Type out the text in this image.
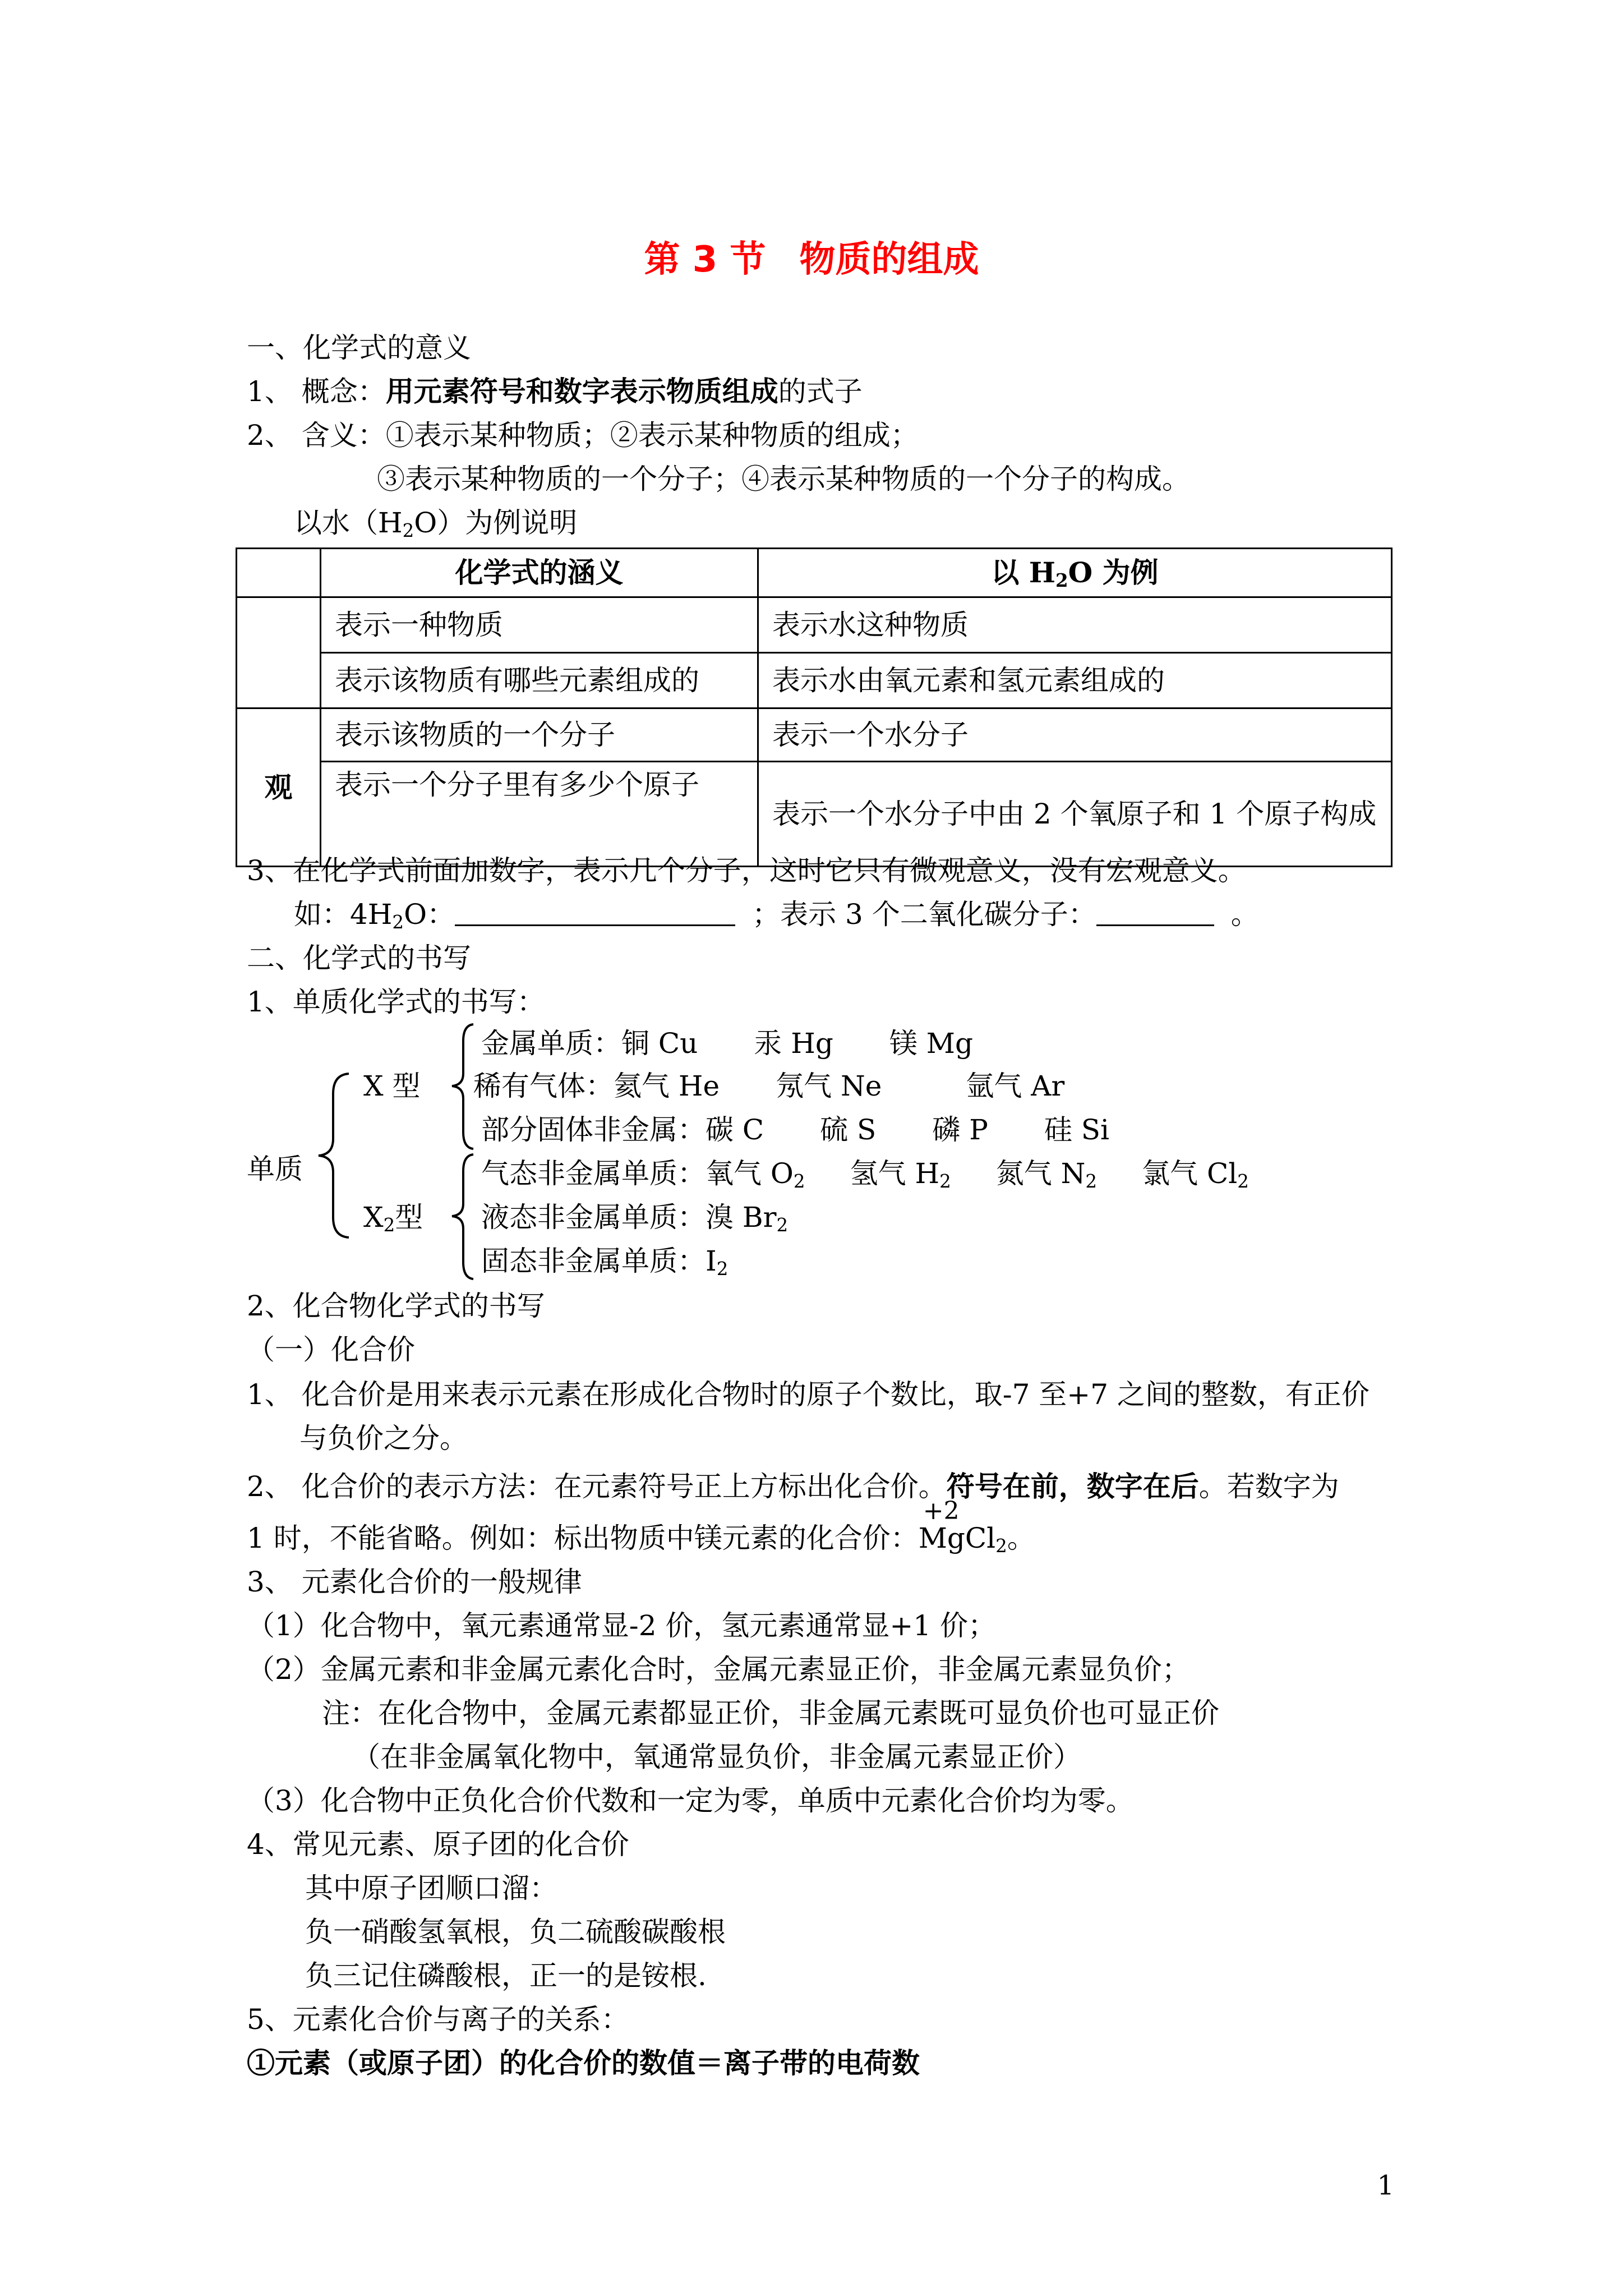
第 3 节 物质的组成
一、化学式的意义
1、 概念：用元素符号和数字表示物质组成的式子
2、 含义：①表示某种物质；②表示某种物质的组成；
③表示某种物质的一个分子；④表示某种物质的一个分子的构成。
以水$(H_2O)$为例说明
	化学式的涵义	以 $H_2O$ 为例
	表示一种物质	表示水这种物质
	表示该物质有哪些元素组成的	表示水由氧元素和氢元素组成的
观	表示该物质的一个分子	表示一个水分子
	表示一个分子里有多少个原子	表示一个水分子中由 2 个氧原子和 1 个原子构成
3、在化学式前面加数字，表示几个分子，这时它只有微观意义，没有宏观意义。
如：$4H_2O$：	；表示 3 个二氧化碳分子：	。
二、化学式的书写
1、单质化学式的书写：
单质
X 型
$X_2$型
金属单质：铜 Cu　　汞 Hg　　镁 Mg
稀有气体：氦气 He　　氖气 Ne　　　氩气 Ar
部分固体非金属：碳 C　　硫 S　　磷 P　　硅 Si
气态非金属单质：氧气 $O_2$ 氢气 $H_2$ 氮气 $N_2$ 氯气 $Cl_2$
液态非金属单质：溴 $Br_2$
固态非金属单质：$I_2$
2、化合物化学式的书写
（一）化合价
1、 化合价是用来表示元素在形成化合物时的原子个数比，取-7 至+7 之间的整数，有正价
与负价之分。
2、 化合价的表示方法：在元素符号正上方标出化合价。符号在前，数字在后。若数字为
1 时，不能省略。例如：标出物质中镁元素的化合价：
+2
MgCl$_2$。
3、 元素化合价的一般规律
（1）化合物中，氧元素通常显-2 价，氢元素通常显+1 价；
（2）金属元素和非金属元素化合时，金属元素显正价，非金属元素显负价；
注：在化合物中，金属元素都显正价，非金属元素既可显负价也可显正价
（在非金属氧化物中，氧通常显负价，非金属元素显正价）
（3）化合物中正负化合价代数和一定为零，单质中元素化合价均为零。
4、常见元素、原子团的化合价
其中原子团顺口溜：
负一硝酸氢氧根，负二硫酸碳酸根
负三记住磷酸根，正一的是铵根.
5、元素化合价与离子的关系：
①元素（或原子团）的化合价的数值＝离子带的电荷数
1
